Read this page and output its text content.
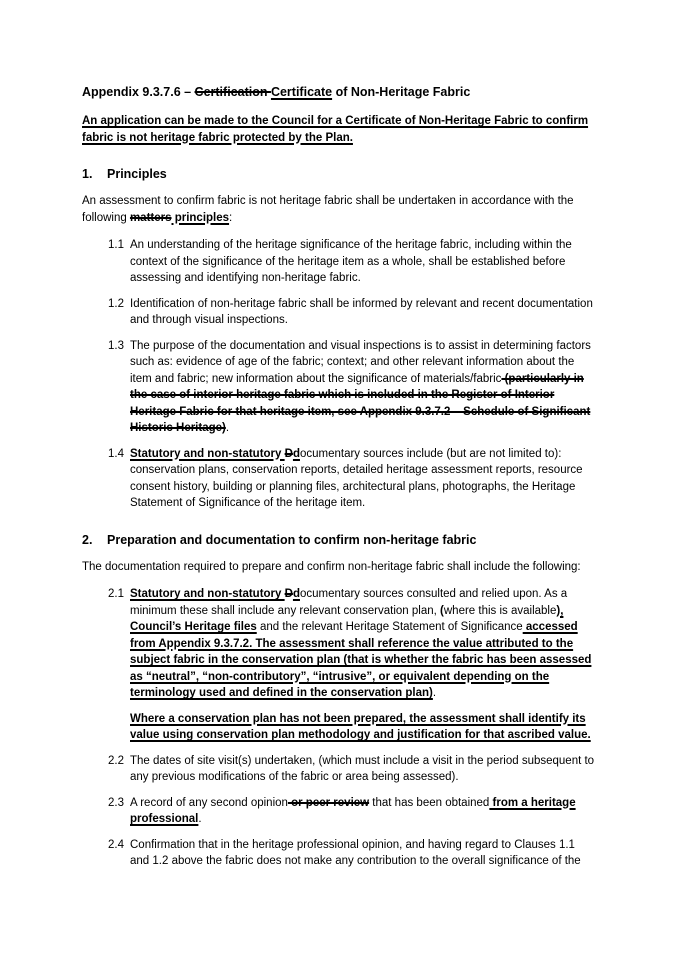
Appendix 9.3.7.6 – Certification Certificate of Non-Heritage Fabric
An application can be made to the Council for a Certificate of Non-Heritage Fabric to confirm fabric is not heritage fabric protected by the Plan.
1.	Principles
An assessment to confirm fabric is not heritage fabric shall be undertaken in accordance with the following matters principles:
1.1 An understanding of the heritage significance of the heritage fabric, including within the context of the significance of the heritage item as a whole, shall be established before assessing and identifying non-heritage fabric.
1.2 Identification of non-heritage fabric shall be informed by relevant and recent documentation and through visual inspections.
1.3 The purpose of the documentation and visual inspections is to assist in determining factors such as: evidence of age of the fabric; context; and other relevant information about the item and fabric; new information about the significance of materials/fabric (particularly in the case of interior heritage fabric which is included in the Register of Interior Heritage Fabric for that heritage item, see Appendix 9.3.7.2 – Schedule of Significant Historic Heritage).
1.4 Statutory and non-statutory Ddocumentary sources include (but are not limited to): conservation plans, conservation reports, detailed heritage assessment reports, resource consent history, building or planning files, architectural plans, photographs, the Heritage Statement of Significance of the heritage item.
2.	Preparation and documentation to confirm non-heritage fabric
The documentation required to prepare and confirm non-heritage fabric shall include the following:
2.1 Statutory and non-statutory Ddocumentary sources consulted and relied upon. As a minimum these shall include any relevant conservation plan, (where this is available), Council’s Heritage files and the relevant Heritage Statement of Significance accessed from Appendix 9.3.7.2. The assessment shall reference the value attributed to the subject fabric in the conservation plan (that is whether the fabric has been assessed as “neutral”, “non-contributory”, “intrusive”, or equivalent depending on the terminology used and defined in the conservation plan).
Where a conservation plan has not been prepared, the assessment shall identify its value using conservation plan methodology and justification for that ascribed value.
2.2 The dates of site visit(s) undertaken, (which must include a visit in the period subsequent to any previous modifications of the fabric or area being assessed).
2.3 A record of any second opinion or peer review that has been obtained from a heritage professional.
2.4 Confirmation that in the heritage professional opinion, and having regard to Clauses 1.1 and 1.2 above the fabric does not make any contribution to the overall significance of the
